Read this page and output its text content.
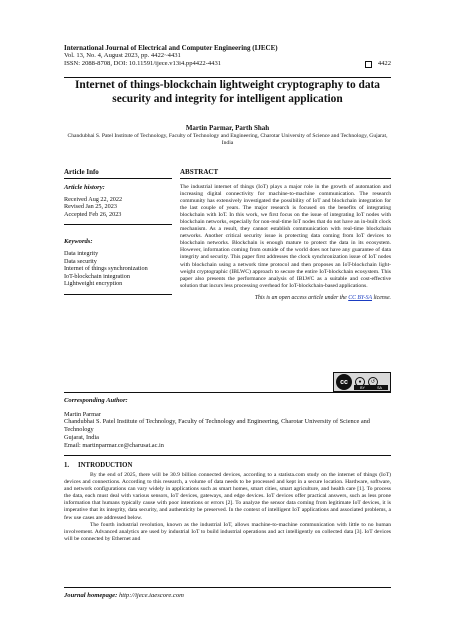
International Journal of Electrical and Computer Engineering (IJECE)
Vol. 13, No. 4, August 2023, pp. 4422~4431
ISSN: 2088-8708, DOI: 10.11591/ijece.v13i4.pp4422-4431	4422
Internet of things-blockchain lightweight cryptography to data security and integrity for intelligent application
Martin Parmar, Parth Shah
Chandubhai S. Patel Institute of Technology, Faculty of Technology and Engineering, Charotar University of Science and Technology, Gujarat, India
Article Info
Article history:
Received Aug 22, 2022
Revised Jan 25, 2023
Accepted Feb 26, 2023
Keywords:
Data integrity
Data security
Internet of things synchronization
IoT-blockchain integration
Lightweight encryption
ABSTRACT
The industrial internet of things (IoT) plays a major role in the growth of automation and increasing digital connectivity for machine-to-machine communication. The research community has extensively investigated the possibility of IoT and blockchain integration for the last couple of years. The major research is focused on the benefits of integrating blockchain with IoT. In this work, we first focus on the issue of integrating IoT nodes with blockchain networks, especially for non-real-time IoT nodes that do not have an in-built clock mechanism. As a result, they cannot establish communication with real-time blockchain networks. Another critical security issue is protecting data coming from IoT devices to blockchain networks. Blockchain is enough mature to protect the data in its ecosystem. However, information coming from outside of the world does not have any guarantee of data integrity and security. This paper first addresses the clock synchronization issue of IoT nodes with blockchain using a network time protocol and then proposes an IoT-blockchain light-weight cryptographic (IBLWC) approach to secure the entire IoT-blockchain ecosystem. This paper also presents the performance analysis of IBLWC as a suitable and cost-effective solution that incurs less processing overhead for IoT-blockchain-based applications.
This is an open access article under the CC BY-SA license.
cc	●	↺
BY	SA
Corresponding Author:
Martin Parmar
Chandubhai S. Patel Institute of Technology, Faculty of Technology and Engineering, Charotar University of Science and Technology
Gujarat, India
Email: martinparmar.ce@charusat.ac.in
1. INTRODUCTION

By the end of 2025, there will be 30.9 billion connected devices, according to a statista.com study on the internet of things (IoT) devices and connections. According to this research, a volume of data needs to be processed and kept in a secure location. Hardware, software, and network configurations can vary widely in applications such as smart homes, smart cities, smart agriculture, and health care [1]. To process the data, each must deal with various sensors, IoT devices, gateways, and edge devices. IoT devices offer practical answers, such as less prone information that humans typically cause with poor intentions or errors [2]. To analyze the sensor data coming from legitimate IoT devices, it is imperative that its integrity, data security, and authenticity be preserved. In the context of intelligent IoT applications and associated problems, a few use cases are addressed below.

The fourth industrial revolution, known as the industrial IoT, allows machine-to-machine communication with little to no human involvement. Advanced analytics are used by industrial IoT to build industrial operations and act intelligently on collected data [3]. IoT devices will be connected by Ethernet and

Journal homepage: http://ijece.iaescore.com
